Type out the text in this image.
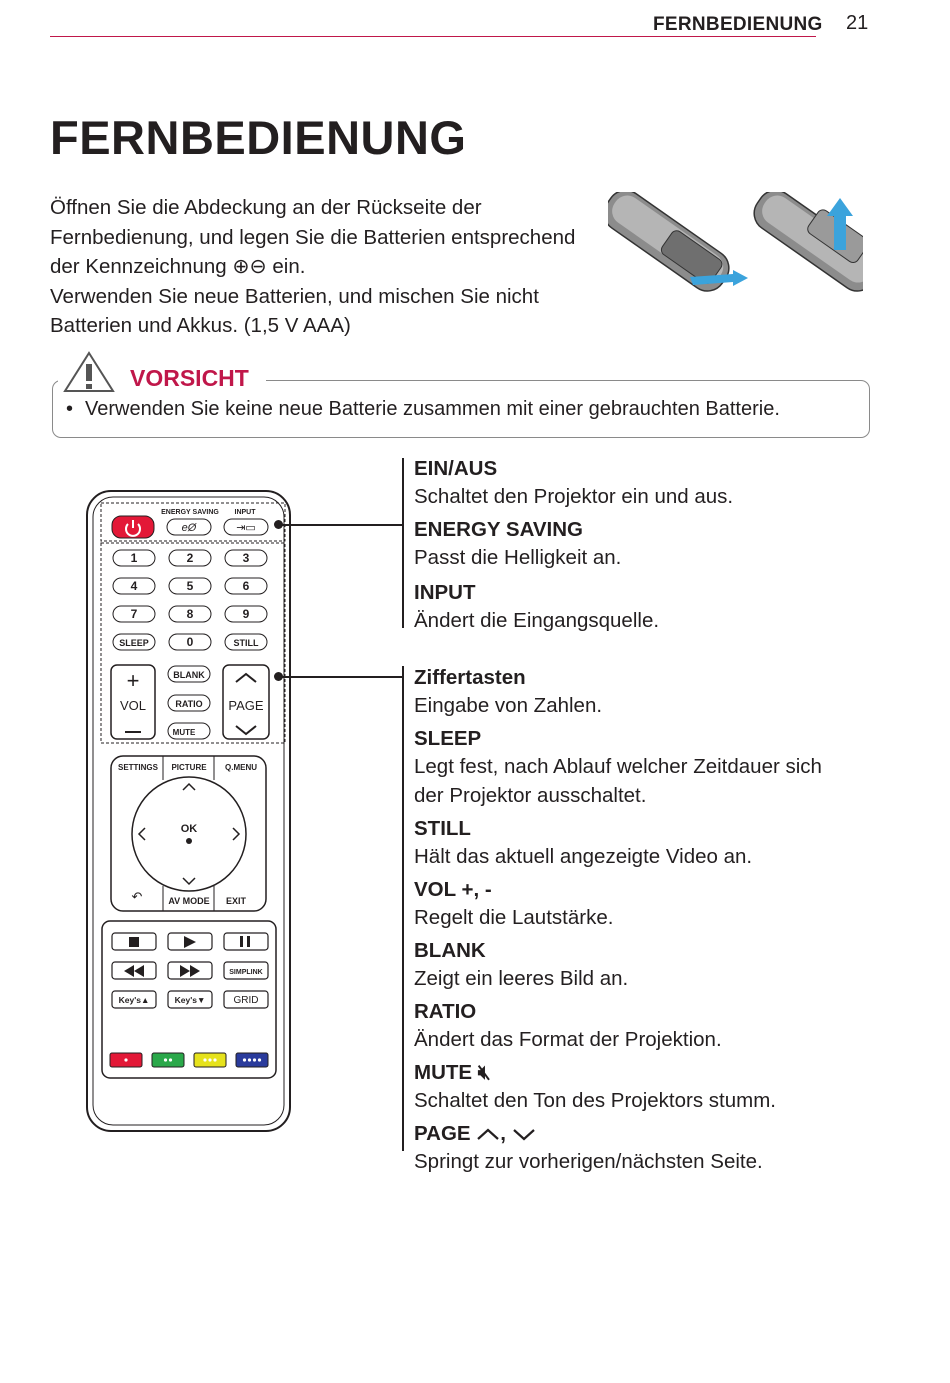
FERNBEDIENUNG 21
FERNBEDIENUNG
Öffnen Sie die Abdeckung an der Rückseite der
Fernbedienung, und legen Sie die Batterien entsprechend
der Kennzeichnung ⊕⊖ ein.
Verwenden Sie neue Batterien, und mischen Sie nicht
Batterien und Akkus. (1,5 V AAA)
VORSICHT
• Verwenden Sie keine neue Batterie zusammen mit einer gebrauchten Batterie.
ENERGY SAVING INPUT
eØ	⇥▭
1	2	3
4	5	6
7	8	9
SLEEP	0	STILL
+
VOL
BLANK
RATIO
MUTE
PAGE
SETTINGS PICTURE Q.MENU
OK
↶	AV MODE EXIT
SIMPLINK
Key's▲	Key's▼	GRID
EIN/AUS
Schaltet den Projektor ein und aus.
ENERGY SAVING
Passt die Helligkeit an.
INPUT
Ändert die Eingangsquelle.
Ziffertasten
Eingabe von Zahlen.
SLEEP
Legt fest, nach Ablauf welcher Zeitdauer sich der Projektor ausschaltet.
STILL
Hält das aktuell angezeigte Video an.
VOL +, -
Regelt die Lautstärke.
BLANK
Zeigt ein leeres Bild an.
RATIO
Ändert das Format der Projektion.
MUTE 🔇︎
Schaltet den Ton des Projektors stumm.
PAGE ,
Springt zur vorherigen/nächsten Seite.
